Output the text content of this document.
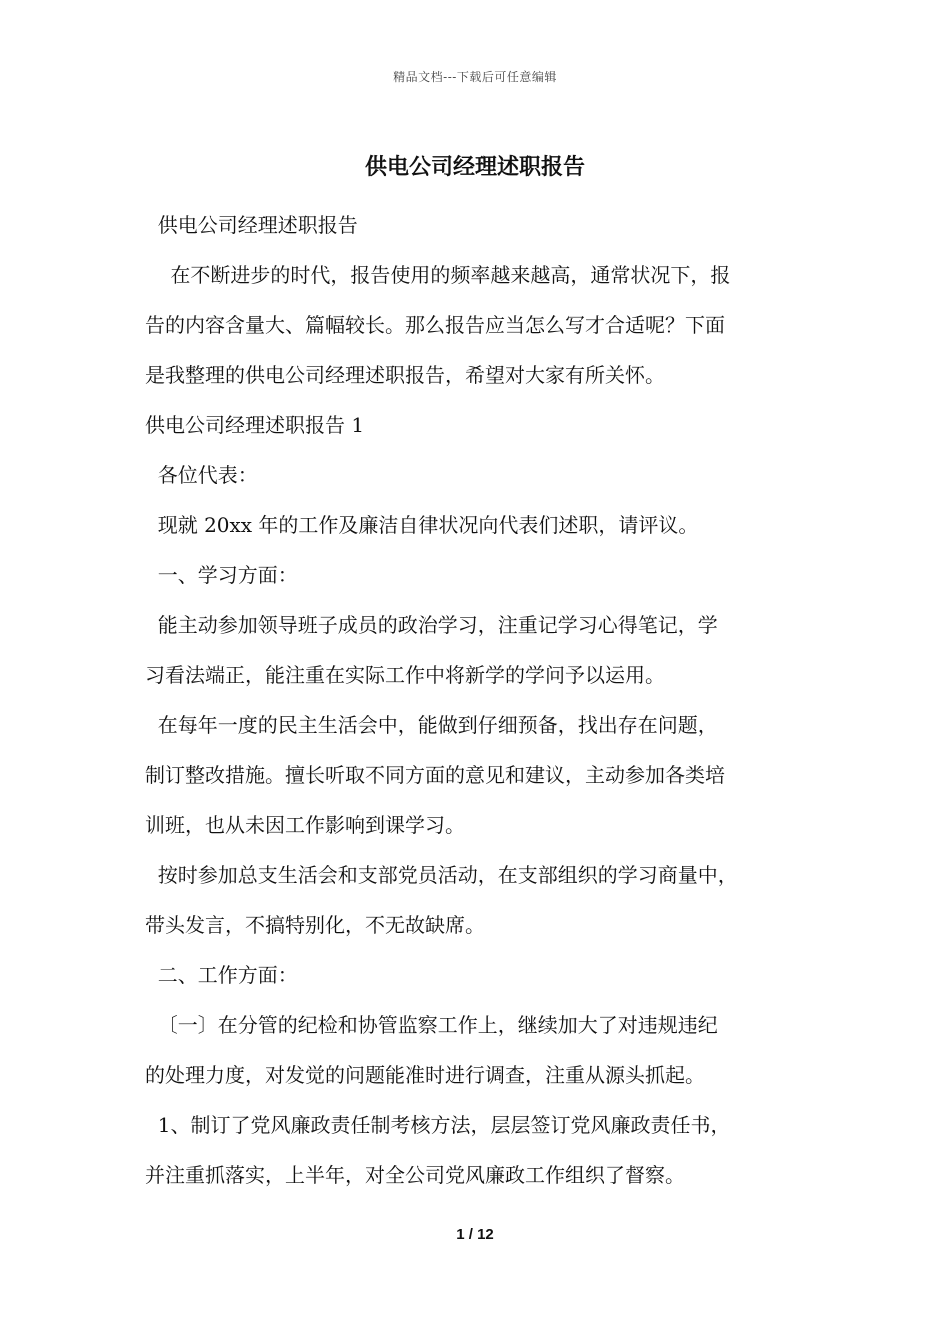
精品文档---下载后可任意编辑
供电公司经理述职报告
供电公司经理述职报告
在不断进步的时代，报告使用的频率越来越高，通常状况下，报
告的内容含量大、篇幅较长。那么报告应当怎么写才合适呢？下面
是我整理的供电公司经理述职报告，希望对大家有所关怀。
供电公司经理述职报告 1
各位代表：
现就 20xx 年的工作及廉洁自律状况向代表们述职，请评议。
一、学习方面：
能主动参加领导班子成员的政治学习，注重记学习心得笔记，学
习看法端正，能注重在实际工作中将新学的学问予以运用。
在每年一度的民主生活会中，能做到仔细预备，找出存在问题，
制订整改措施。擅长听取不同方面的意见和建议，主动参加各类培
训班，也从未因工作影响到课学习。
按时参加总支生活会和支部党员活动，在支部组织的学习商量中，
带头发言，不搞特别化，不无故缺席。
二、工作方面：
〔一〕在分管的纪检和协管监察工作上，继续加大了对违规违纪
的处理力度，对发觉的问题能准时进行调查，注重从源头抓起。
1、制订了党风廉政责任制考核方法，层层签订党风廉政责任书，
并注重抓落实，上半年，对全公司党风廉政工作组织了督察。
1 / 12
